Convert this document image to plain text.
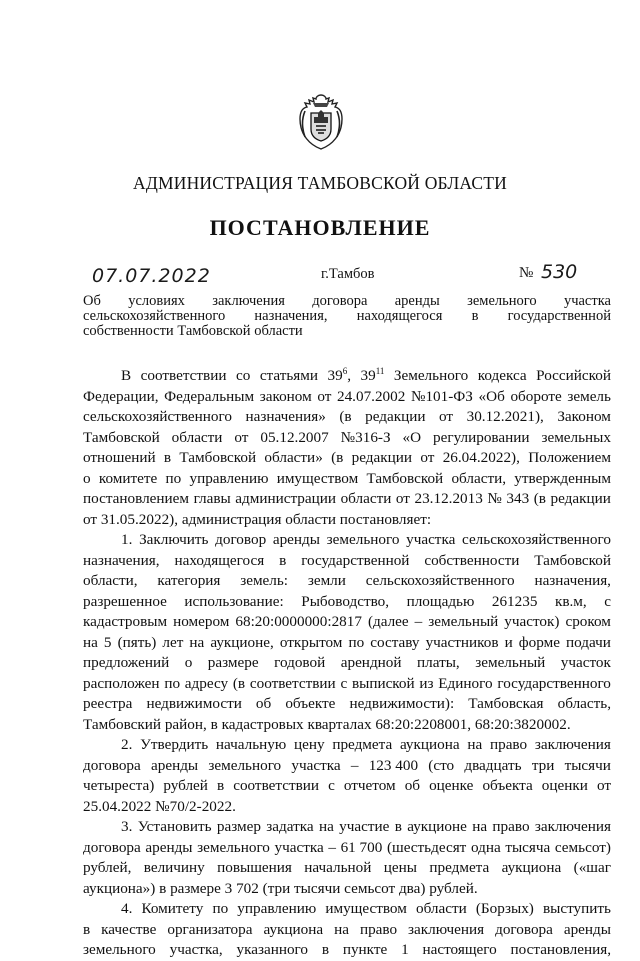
АДМИНИСТРАЦИЯ ТАМБОВСКОЙ ОБЛАСТИ
ПОСТАНОВЛЕНИЕ
07.07.2022	г.Тамбов	№ 530
Об условиях заключения договора аренды земельного участка
сельскохозяйственного назначения, находящегося в государственной
собственности Тамбовской области
В соответствии со статьями $39^6$, $39^{11}$ Земельного кодекса Российской
Федерации, Федеральным законом от 24.07.2002 №101-ФЗ «Об обороте земель
сельскохозяйственного назначения» (в редакции от 30.12.2021), Законом
Тамбовской области от 05.12.2007 №316-З «О регулировании земельных
отношений в Тамбовской области» (в редакции от 26.04.2022), Положением
о комитете по управлению имуществом Тамбовской области, утвержденным
постановлением главы администрации области от 23.12.2013 № 343 (в редакции
от 31.05.2022), администрация области постановляет:
1. Заключить договор аренды земельного участка сельскохозяйственного
назначения, находящегося в государственной собственности Тамбовской
области, категория земель: земли сельскохозяйственного назначения,
разрешенное использование: Рыбоводство, площадью 261235 кв.м, с
кадастровым номером 68:20:0000000:2817 (далее – земельный участок) сроком
на 5 (пять) лет на аукционе, открытом по составу участников и форме подачи
предложений о размере годовой арендной платы, земельный участок
расположен по адресу (в соответствии с выпиской из Единого государственного
реестра недвижимости об объекте недвижимости): Тамбовская область,
Тамбовский район, в кадастровых кварталах 68:20:2208001, 68:20:3820002.
2. Утвердить начальную цену предмета аукциона на право заключения
договора аренды земельного участка – 123 400 (сто двадцать три тысячи
четыреста) рублей в соответствии с отчетом об оценке объекта оценки от
25.04.2022 №70/2-2022.
3. Установить размер задатка на участие в аукционе на право заключения
договора аренды земельного участка – 61 700 (шестьдесят одна тысяча семьсот)
рублей, величину повышения начальной цены предмета аукциона («шаг
аукциона») в размере 3 702 (три тысячи семьсот два) рублей.
4. Комитету по управлению имуществом области (Борзых) выступить
в качестве организатора аукциона на право заключения договора аренды
земельного участка, указанного в пункте 1 настоящего постановления,
